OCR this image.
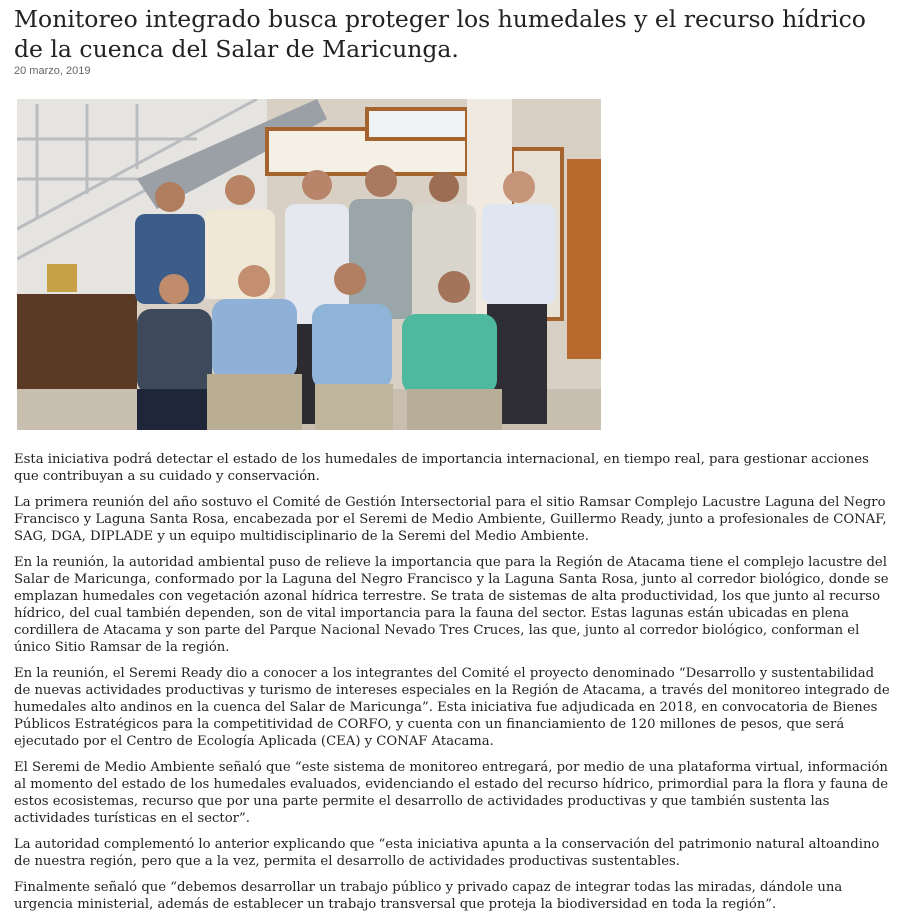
Monitoreo integrado busca proteger los humedales y el recurso hídrico de la cuenca del Salar de Maricunga.
20 marzo, 2019

Esta iniciativa podrá detectar el estado de los humedales de importancia internacional, en tiempo real, para gestionar acciones que contribuyan a su cuidado y conservación.

La primera reunión del año sostuvo el Comité de Gestión Intersectorial para el sitio Ramsar Complejo Lacustre Laguna del Negro Francisco y Laguna Santa Rosa, encabezada por el Seremi de Medio Ambiente, Guillermo Ready, junto a profesionales de CONAF, SAG, DGA, DIPLADE y un equipo multidisciplinario de la Seremi del Medio Ambiente.

En la reunión, la autoridad ambiental puso de relieve la importancia que para la Región de Atacama tiene el complejo lacustre del Salar de Maricunga, conformado por la Laguna del Negro Francisco y la Laguna Santa Rosa, junto al corredor biológico, donde se emplazan humedales con vegetación azonal hídrica terrestre. Se trata de sistemas de alta productividad, los que junto al recurso hídrico, del cual también dependen, son de vital importancia para la fauna del sector. Estas lagunas están ubicadas en plena cordillera de Atacama y son parte del Parque Nacional Nevado Tres Cruces, las que, junto al corredor biológico, conforman el único Sitio Ramsar de la región.

En la reunión, el Seremi Ready dio a conocer a los integrantes del Comité el proyecto denominado “Desarrollo y sustentabilidad de nuevas actividades productivas y turismo de intereses especiales en la Región de Atacama, a través del monitoreo integrado de humedales alto andinos en la cuenca del Salar de Maricunga”. Esta iniciativa fue adjudicada en 2018, en convocatoria de Bienes Públicos Estratégicos para la competitividad de CORFO, y cuenta con un financiamiento de 120 millones de pesos, que será ejecutado por el Centro de Ecología Aplicada (CEA) y CONAF Atacama.

El Seremi de Medio Ambiente señaló que “este sistema de monitoreo entregará, por medio de una plataforma virtual, información al momento del estado de los humedales evaluados, evidenciando el estado del recurso hídrico, primordial para la flora y fauna de estos ecosistemas, recurso que por una parte permite el desarrollo de actividades productivas y que también sustenta las actividades turísticas en el sector”.

La autoridad complementó lo anterior explicando que “esta iniciativa apunta a la conservación del patrimonio natural altoandino de nuestra región, pero que a la vez, permita el desarrollo de actividades productivas sustentables.

Finalmente señaló que “debemos desarrollar un trabajo público y privado capaz de integrar todas las miradas, dándole una urgencia ministerial, además de establecer un trabajo transversal que proteja la biodiversidad en toda la región”.
